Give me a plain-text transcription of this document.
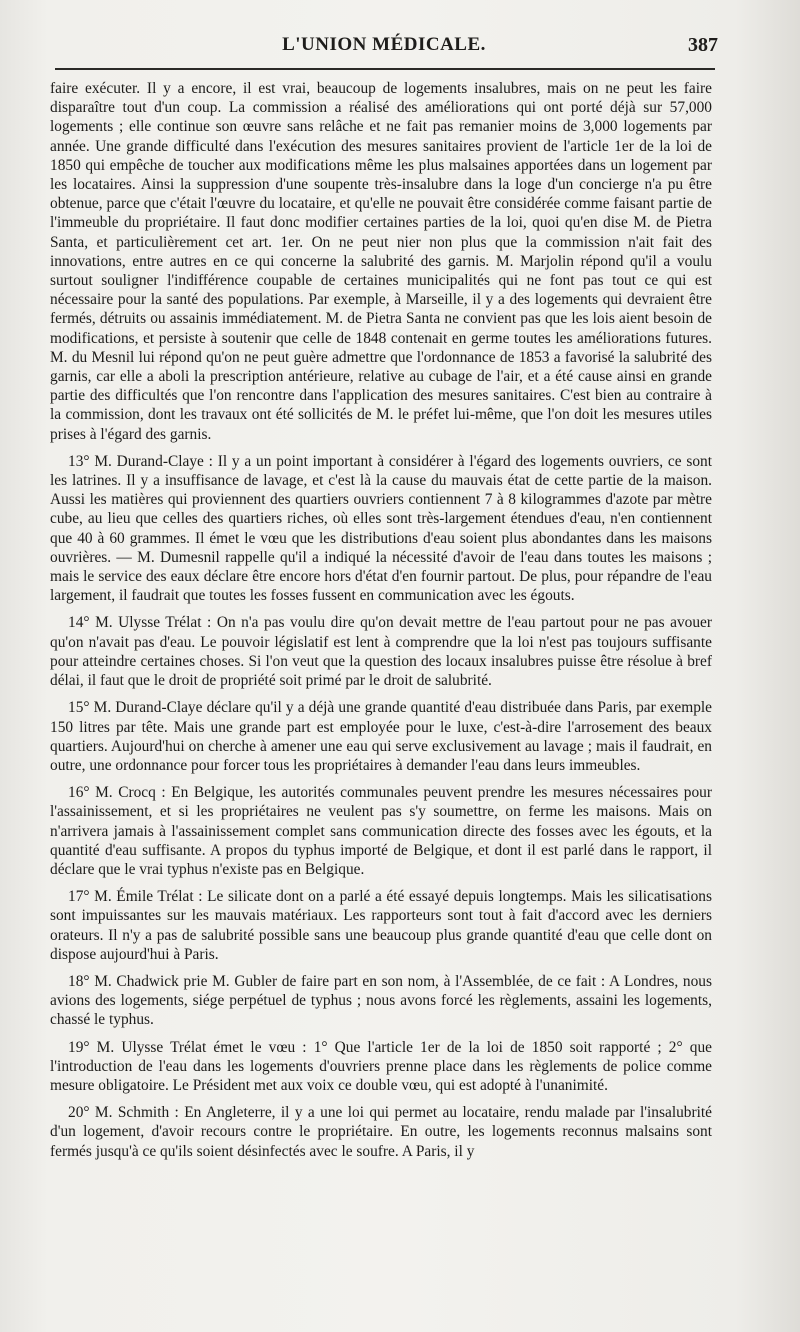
L'UNION MÉDICALE.	387

faire exécuter. Il y a encore, il est vrai, beaucoup de logements insalubres, mais on ne peut les faire disparaître tout d'un coup. La commission a réalisé des améliorations qui ont porté déjà sur 57,000 logements ; elle continue son œuvre sans relâche et ne fait pas remanier moins de 3,000 logements par année. Une grande difficulté dans l'exécution des mesures sanitaires provient de l'article 1er de la loi de 1850 qui empêche de toucher aux modifications même les plus malsaines apportées dans un logement par les locataires. Ainsi la suppression d'une soupente très-insalubre dans la loge d'un concierge n'a pu être obtenue, parce que c'était l'œuvre du locataire, et qu'elle ne pouvait être considérée comme faisant partie de l'immeuble du propriétaire. Il faut donc modifier certaines parties de la loi, quoi qu'en dise M. de Pietra Santa, et particulièrement cet art. 1er. On ne peut nier non plus que la commission n'ait fait des innovations, entre autres en ce qui concerne la salubrité des garnis. M. Marjolin répond qu'il a voulu surtout souligner l'indifférence coupable de certaines municipalités qui ne font pas tout ce qui est nécessaire pour la santé des populations. Par exemple, à Marseille, il y a des logements qui devraient être fermés, détruits ou assainis immédiatement. M. de Pietra Santa ne convient pas que les lois aient besoin de modifications, et persiste à soutenir que celle de 1848 contenait en germe toutes les améliorations futures. M. du Mesnil lui répond qu'on ne peut guère admettre que l'ordonnance de 1853 a favorisé la salubrité des garnis, car elle a aboli la prescription antérieure, relative au cubage de l'air, et a été cause ainsi en grande partie des difficultés que l'on rencontre dans l'application des mesures sanitaires. C'est bien au contraire à la commission, dont les travaux ont été sollicités de M. le préfet lui-même, que l'on doit les mesures utiles prises à l'égard des garnis.

13° M. Durand-Claye : Il y a un point important à considérer à l'égard des logements ouvriers, ce sont les latrines. Il y a insuffisance de lavage, et c'est là la cause du mauvais état de cette partie de la maison. Aussi les matières qui proviennent des quartiers ouvriers contiennent 7 à 8 kilogrammes d'azote par mètre cube, au lieu que celles des quartiers riches, où elles sont très-largement étendues d'eau, n'en contiennent que 40 à 60 grammes. Il émet le vœu que les distributions d'eau soient plus abondantes dans les maisons ouvrières. — M. Dumesnil rappelle qu'il a indiqué la nécessité d'avoir de l'eau dans toutes les maisons ; mais le service des eaux déclare être encore hors d'état d'en fournir partout. De plus, pour répandre de l'eau largement, il faudrait que toutes les fosses fussent en communication avec les égouts.

14° M. Ulysse Trélat : On n'a pas voulu dire qu'on devait mettre de l'eau partout pour ne pas avouer qu'on n'avait pas d'eau. Le pouvoir législatif est lent à comprendre que la loi n'est pas toujours suffisante pour atteindre certaines choses. Si l'on veut que la question des locaux insalubres puisse être résolue à bref délai, il faut que le droit de propriété soit primé par le droit de salubrité.

15° M. Durand-Claye déclare qu'il y a déjà une grande quantité d'eau distribuée dans Paris, par exemple 150 litres par tête. Mais une grande part est employée pour le luxe, c'est-à-dire l'arrosement des beaux quartiers. Aujourd'hui on cherche à amener une eau qui serve exclusivement au lavage ; mais il faudrait, en outre, une ordonnance pour forcer tous les propriétaires à demander l'eau dans leurs immeubles.

16° M. Crocq : En Belgique, les autorités communales peuvent prendre les mesures nécessaires pour l'assainissement, et si les propriétaires ne veulent pas s'y soumettre, on ferme les maisons. Mais on n'arrivera jamais à l'assainissement complet sans communication directe des fosses avec les égouts, et la quantité d'eau suffisante. A propos du typhus importé de Belgique, et dont il est parlé dans le rapport, il déclare que le vrai typhus n'existe pas en Belgique.

17° M. Émile Trélat : Le silicate dont on a parlé a été essayé depuis longtemps. Mais les silicatisations sont impuissantes sur les mauvais matériaux. Les rapporteurs sont tout à fait d'accord avec les derniers orateurs. Il n'y a pas de salubrité possible sans une beaucoup plus grande quantité d'eau que celle dont on dispose aujourd'hui à Paris.

18° M. Chadwick prie M. Gubler de faire part en son nom, à l'Assemblée, de ce fait : A Londres, nous avions des logements, siége perpétuel de typhus ; nous avons forcé les règlements, assaini les logements, chassé le typhus.

19° M. Ulysse Trélat émet le vœu : 1° Que l'article 1er de la loi de 1850 soit rapporté ; 2° que l'introduction de l'eau dans les logements d'ouvriers prenne place dans les règlements de police comme mesure obligatoire. Le Président met aux voix ce double vœu, qui est adopté à l'unanimité.

20° M. Schmith : En Angleterre, il y a une loi qui permet au locataire, rendu malade par l'insalubrité d'un logement, d'avoir recours contre le propriétaire. En outre, les logements reconnus malsains sont fermés jusqu'à ce qu'ils soient désinfectés avec le soufre. A Paris, il y
